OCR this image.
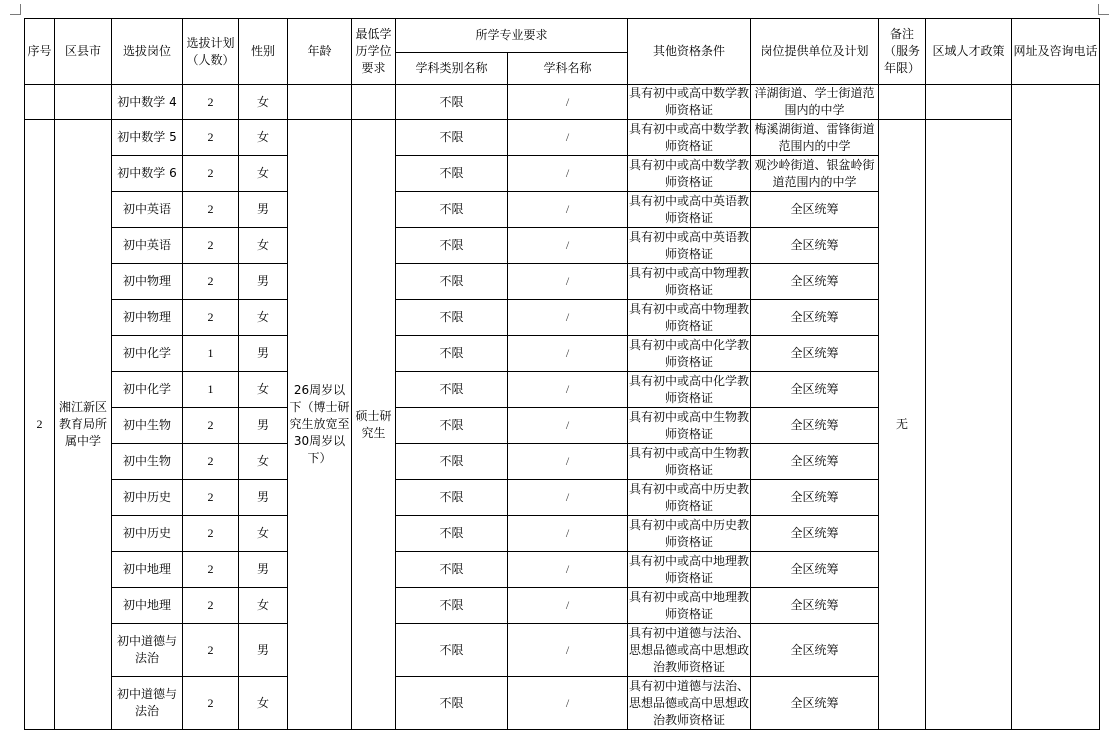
序号	区县市	选拔岗位	选拔计划（人数）	性别	年龄	最低学历学位要求	所学专业要求		其他资格条件	岗位提供单位及计划	备注（服务年限）	区域人才政策	网址及咨询电话
							学科类别名称	学科名称					
		初中数学 4	2	女			不限	/	具有初中或高中数学教师资格证	洋湖街道、学士街道范围内的中学			
2	湘江新区教育局所属中学	初中数学 5	2	女	26周岁以下（博士研究生放宽至30周岁以下）	硕士研究生	不限	/	具有初中或高中数学教师资格证	梅溪湖街道、雷锋街道范围内的中学	无		
		初中数学 6	2	女			不限	/	具有初中或高中数学教师资格证	观沙岭街道、银盆岭街道范围内的中学			
		初中英语	2	男			不限	/	具有初中或高中英语教师资格证	全区统筹			
		初中英语	2	女			不限	/	具有初中或高中英语教师资格证	全区统筹			
		初中物理	2	男			不限	/	具有初中或高中物理教师资格证	全区统筹			
		初中物理	2	女			不限	/	具有初中或高中物理教师资格证	全区统筹			
		初中化学	1	男			不限	/	具有初中或高中化学教师资格证	全区统筹			
		初中化学	1	女			不限	/	具有初中或高中化学教师资格证	全区统筹			
		初中生物	2	男			不限	/	具有初中或高中生物教师资格证	全区统筹			
		初中生物	2	女			不限	/	具有初中或高中生物教师资格证	全区统筹			
		初中历史	2	男			不限	/	具有初中或高中历史教师资格证	全区统筹			
		初中历史	2	女			不限	/	具有初中或高中历史教师资格证	全区统筹			
		初中地理	2	男			不限	/	具有初中或高中地理教师资格证	全区统筹			
		初中地理	2	女			不限	/	具有初中或高中地理教师资格证	全区统筹			
		初中道德与法治	2	男			不限	/	具有初中道德与法治、思想品德或高中思想政治教师资格证	全区统筹			
		初中道德与法治	2	女			不限	/	具有初中道德与法治、思想品德或高中思想政治教师资格证	全区统筹			
